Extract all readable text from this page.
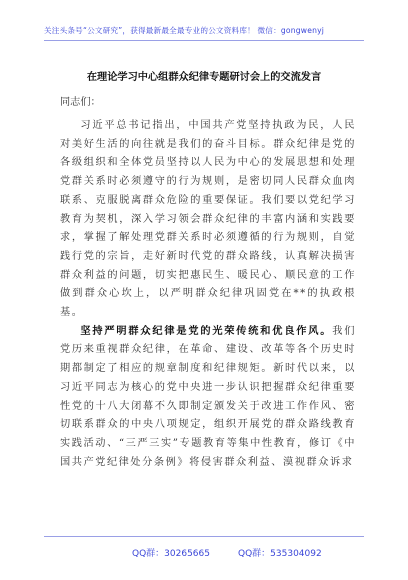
关注头条号“公文研究”，获得最新最全最专业的公文资料库！ 微信：gongwenyj
在理论学习中心组群众纪律专题研讨会上的交流发言
同志们：

习近平总书记指出，中国共产党坚持执政为民，人民对美好生活的向往就是我们的奋斗目标。群众纪律是党的各级组织和全体党员坚持以人民为中心的发展思想和处理党群关系时必须遵守的行为规则，是密切同人民群众血肉联系、克服脱离群众危险的重要保证。我们要以党纪学习教育为契机，深入学习领会群众纪律的丰富内涵和实践要求，掌握了解处理党群关系时必须遵循的行为规则，自觉践行党的宗旨，走好新时代党的群众路线，认真解决损害群众利益的问题，切实把惠民生、暖民心、顺民意的工作做到群众心坎上，以严明群众纪律巩固党在**的执政根基。

坚持严明群众纪律是党的光荣传统和优良作风。我们党历来重视群众纪律，在革命、建设、改革等各个历史时期都制定了相应的规章制度和纪律规矩。新时代以来，以习近平同志为核心的党中央进一步认识把握群众纪律重要性党的十八大闭幕不久即制定颁发关于改进工作作风、密切联系群众的中央八项规定，组织开展党的群众路线教育实践活动、“三严三实”专题教育等集中性教育，修订《中国共产党纪律处分条例》将侵害群众利益、漠视群众诉求

QQ群：30265665	QQ群：535304092
